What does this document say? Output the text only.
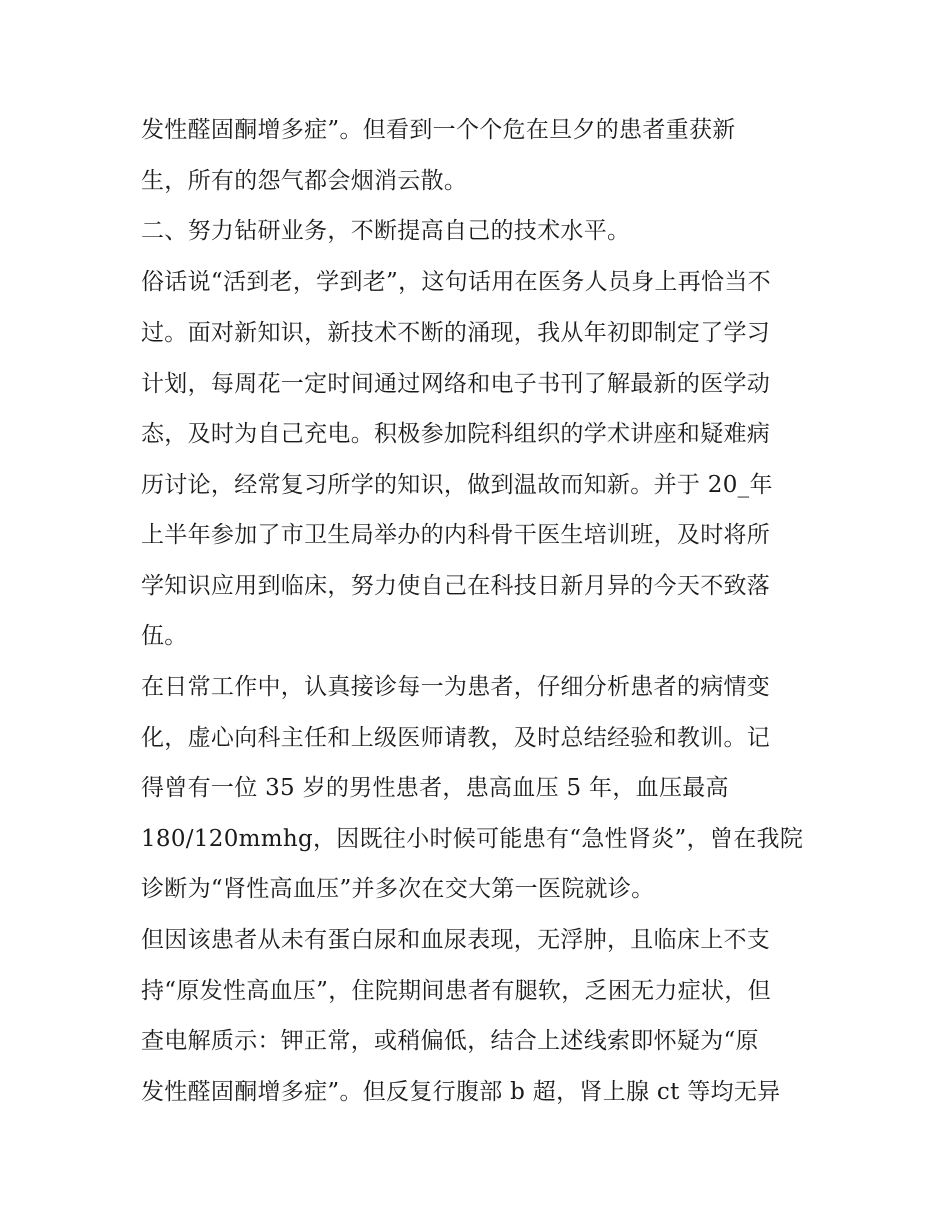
发性醛固酮增多症”。但看到一个个危在旦夕的患者重获新

生，所有的怨气都会烟消云散。

二、努力钻研业务，不断提高自己的技术水平。

俗话说“活到老，学到老”，这句话用在医务人员身上再恰当不

过。面对新知识，新技术不断的涌现，我从年初即制定了学习

计划，每周花一定时间通过网络和电子书刊了解最新的医学动

态，及时为自己充电。积极参加院科组织的学术讲座和疑难病

历讨论，经常复习所学的知识，做到温故而知新。并于 20_年

上半年参加了市卫生局举办的内科骨干医生培训班，及时将所

学知识应用到临床，努力使自己在科技日新月异的今天不致落

伍。

在日常工作中，认真接诊每一为患者，仔细分析患者的病情变

化，虚心向科主任和上级医师请教，及时总结经验和教训。记

得曾有一位 35 岁的男性患者，患高血压 5 年，血压最高

180/120mmhg，因既往小时候可能患有“急性肾炎”，曾在我院

诊断为“肾性高血压”并多次在交大第一医院就诊。

但因该患者从未有蛋白尿和血尿表现，无浮肿，且临床上不支

持“原发性高血压”，住院期间患者有腿软，乏困无力症状，但

查电解质示：钾正常，或稍偏低，结合上述线索即怀疑为“原

发性醛固酮增多症”。但反复行腹部 b 超，肾上腺 ct 等均无异
